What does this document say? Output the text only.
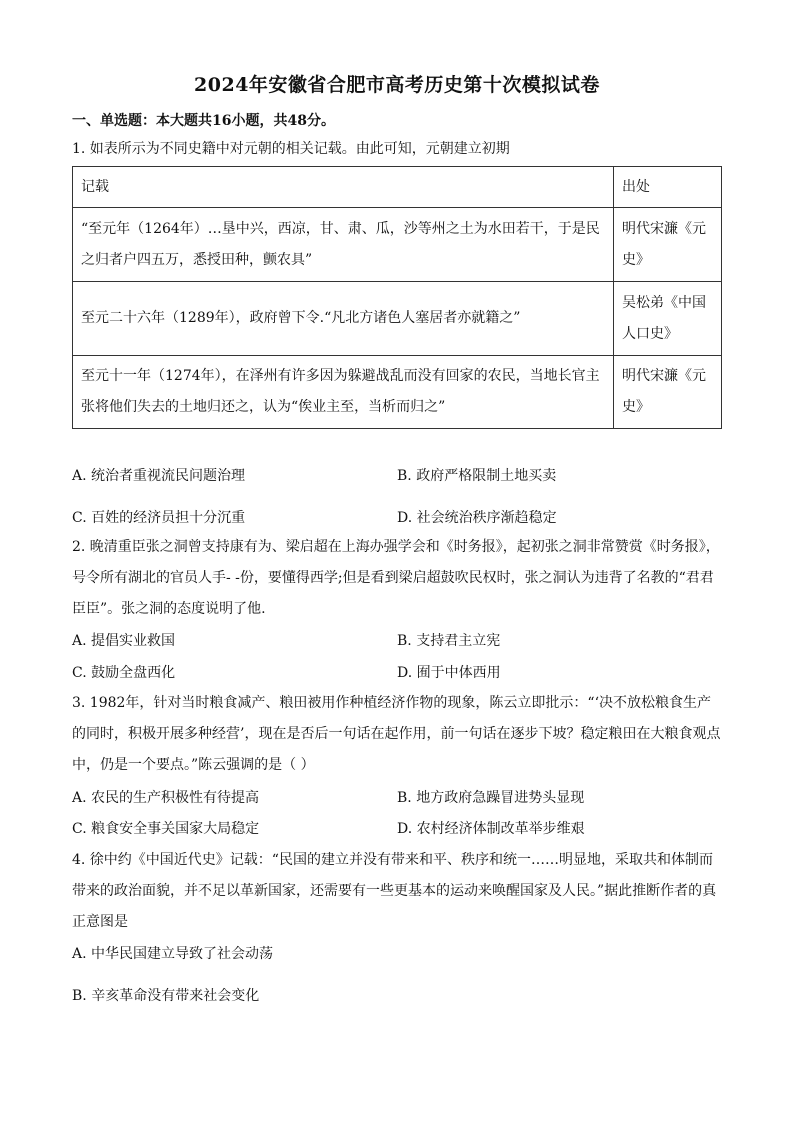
2024年安徽省合肥市高考历史第十次模拟试卷
一、单选题：本大题共16小题，共48分。

1. 如表所示为不同史籍中对元朝的相关记载。由此可知，元朝建立初期

记载	出处
“至元年（1264年）…垦中兴，西凉，甘、肃、瓜，沙等州之土为水田若干，于是民之归者户四五万，悉授田种，颤农具”	明代宋濂《元史》
至元二十六年（1289年），政府曾下令.“凡北方诸色人塞居者亦就籍之”	吴松弟《中国人口史》
至元十一年（1274年），在泽州有许多因为躲避战乱而没有回家的农民，当地长官主张将他们失去的土地归还之，认为“俟业主至，当析而归之”	明代宋濂《元史》
A. 统治者重视流民问题治理	B. 政府严格限制土地买卖
C. 百姓的经济员担十分沉重	D. 社会统治秩序渐趋稳定

2. 晚清重臣张之洞曾支持康有为、梁启超在上海办强学会和《时务报》，起初张之洞非常赞赏《时务报》，号令所有湖北的官员人手- -份，要懂得西学;但是看到梁启超鼓吹民权时，张之洞认为违背了名教的“君君臣臣”。张之洞的态度说明了他.

A. 提倡实业救国	B. 支持君主立宪
C. 鼓励全盘西化	D. 囿于中体西用

3. 1982年，针对当时粮食减产、粮田被用作种植经济作物的现象，陈云立即批示：“‘决不放松粮食生产的同时，积极开展多种经营’，现在是否后一句话在起作用，前一句话在逐步下坡？稳定粮田在大粮食观点中，仍是一个要点。”陈云强调的是（ ）

A. 农民的生产积极性有待提高	B. 地方政府急躁冒进势头显现
C. 粮食安全事关国家大局稳定	D. 农村经济体制改革举步维艰

4. 徐中约《中国近代史》记载：“民国的建立并没有带来和平、秩序和统一……明显地，采取共和体制而带来的政治面貌，并不足以革新国家，还需要有一些更基本的运动来唤醒国家及人民。”据此推断作者的真正意图是

A. 中华民国建立导致了社会动荡
B. 辛亥革命没有带来社会变化
